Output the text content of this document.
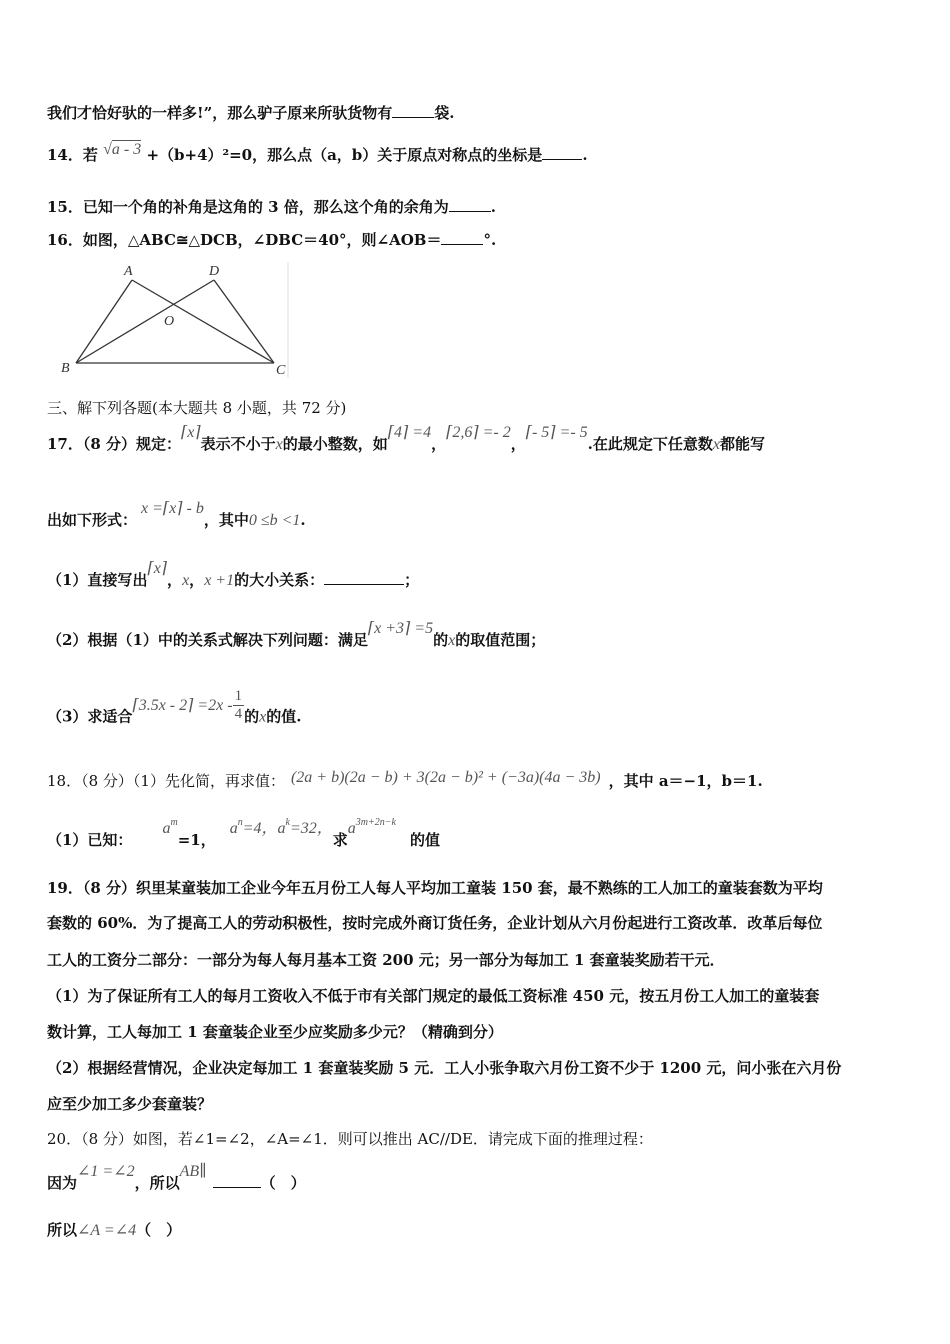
我们才恰好驮的一样多!”，那么驴子原来所驮货物有	袋.
14．若 √a - 3 +（b+4）²=0，那么点（a，b）关于原点对称点的坐标是	.
15．已知一个角的补角是这角的 3 倍，那么这个角的余角为	.
16．如图，△ABC≅△DCB，∠DBC＝40°，则∠AOB＝	°.
A	D
O
B	C
三、解下列各题(本大题共 8 小题，共 72 分)
17．（8 分）规定：⌈x⌉表示不小于x的最小整数，如⌈4⌉ =4，⌈2,6⌉ =- 2，⌈- 5⌉ =- 5.在此规定下任意数x都能写
出如下形式：x =⌈x⌉ - b，其中0 ≤b <1.
（1）直接写出⌈x⌉，x，x +1的大小关系：	；
（2）根据（1）中的关系式解决下列问题：满足⌈x +3⌉ =5的x的取值范围；
（3）求适合⌈3.5x - 2⌉ $=2x - \frac{1}{4}$ 的x的值.
18．（8 分）（1）先化简，再求值： (2a + b)(2a − b) + 3(2a − b)² + (−3a)(4a − 3b) ，其中 a＝−1，b＝1.
（1）已知：$a^m=1$，$a^n=4$，$a^k=32$，求$a^{3m+2n-k}$的值
19．（8 分）织里某童装加工企业今年五月份工人每人平均加工童装 150 套，最不熟练的工人加工的童装套数为平均
套数的 60%．为了提高工人的劳动积极性，按时完成外商订货任务，企业计划从六月份起进行工资改革．改革后每位
工人的工资分二部分：一部分为每人每月基本工资 200 元；另一部分为每加工 1 套童装奖励若干元．
（1）为了保证所有工人的每月工资收入不低于市有关部门规定的最低工资标准 450 元，按五月份工人加工的童装套
数计算，工人每加工 1 套童装企业至少应奖励多少元？（精确到分）
（2）根据经营情况，企业决定每加工 1 套童装奖励 5 元．工人小张争取六月份工资不少于 1200 元，问小张在六月份
应至少加工多少套童装？
20．（8 分）如图，若∠1=∠2，∠A=∠1．则可以推出 AC//DE．请完成下面的推理过程：
因为∠1 =∠2，所以AB∥（　）
所以∠A =∠4（　）
